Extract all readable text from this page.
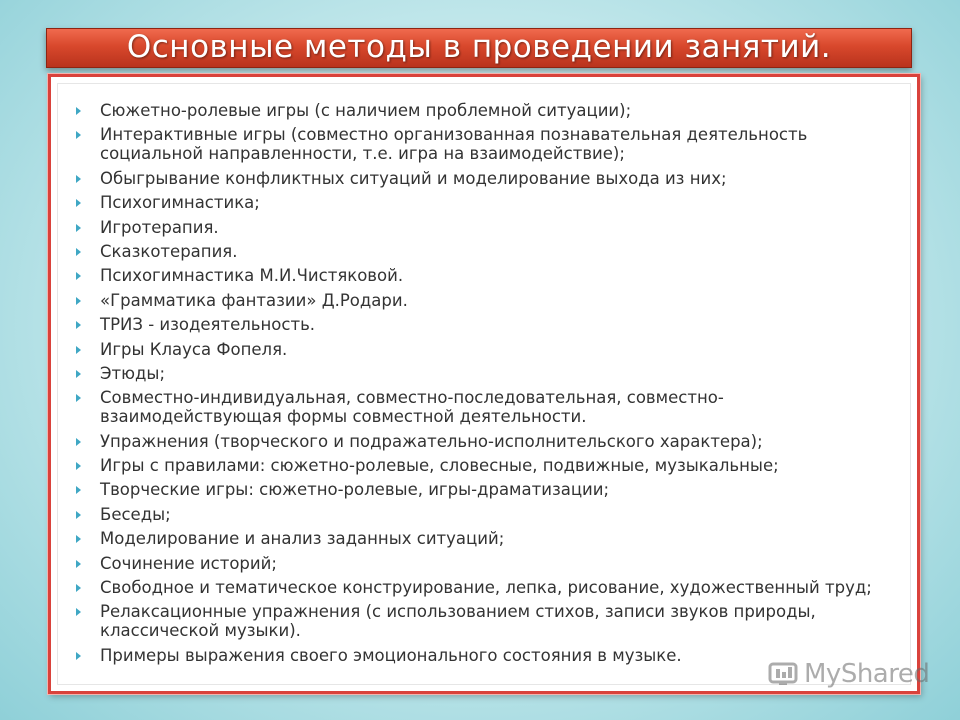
Основные методы в проведении занятий.
Сюжетно-ролевые игры (с наличием проблемной ситуации);
Интерактивные игры (совместно организованная познавательная деятельность социальной направленности, т.е. игра на взаимодействие);
Обыгрывание конфликтных ситуаций и моделирование выхода из них;
Психогимнастика;
Игротерапия.
Сказкотерапия.
Психогимнастика М.И.Чистяковой.
«Грамматика фантазии» Д.Родари.
ТРИЗ - изодеятельность.
Игры Клауса Фопеля.
Этюды;
Совместно-индивидуальная, совместно-последовательная, совместно-взаимодействующая формы совместной деятельности.
Упражнения (творческого и подражательно-исполнительского характера);
Игры с правилами: сюжетно-ролевые, словесные, подвижные, музыкальные;
Творческие игры: сюжетно-ролевые, игры-драматизации;
Беседы;
Моделирование и анализ заданных ситуаций;
Сочинение историй;
Свободное и тематическое конструирование, лепка, рисование, художественный труд;
Релаксационные упражнения (с использованием стихов, записи звуков природы, классической музыки).
Примеры выражения своего эмоционального состояния в музыке.
MyShared
